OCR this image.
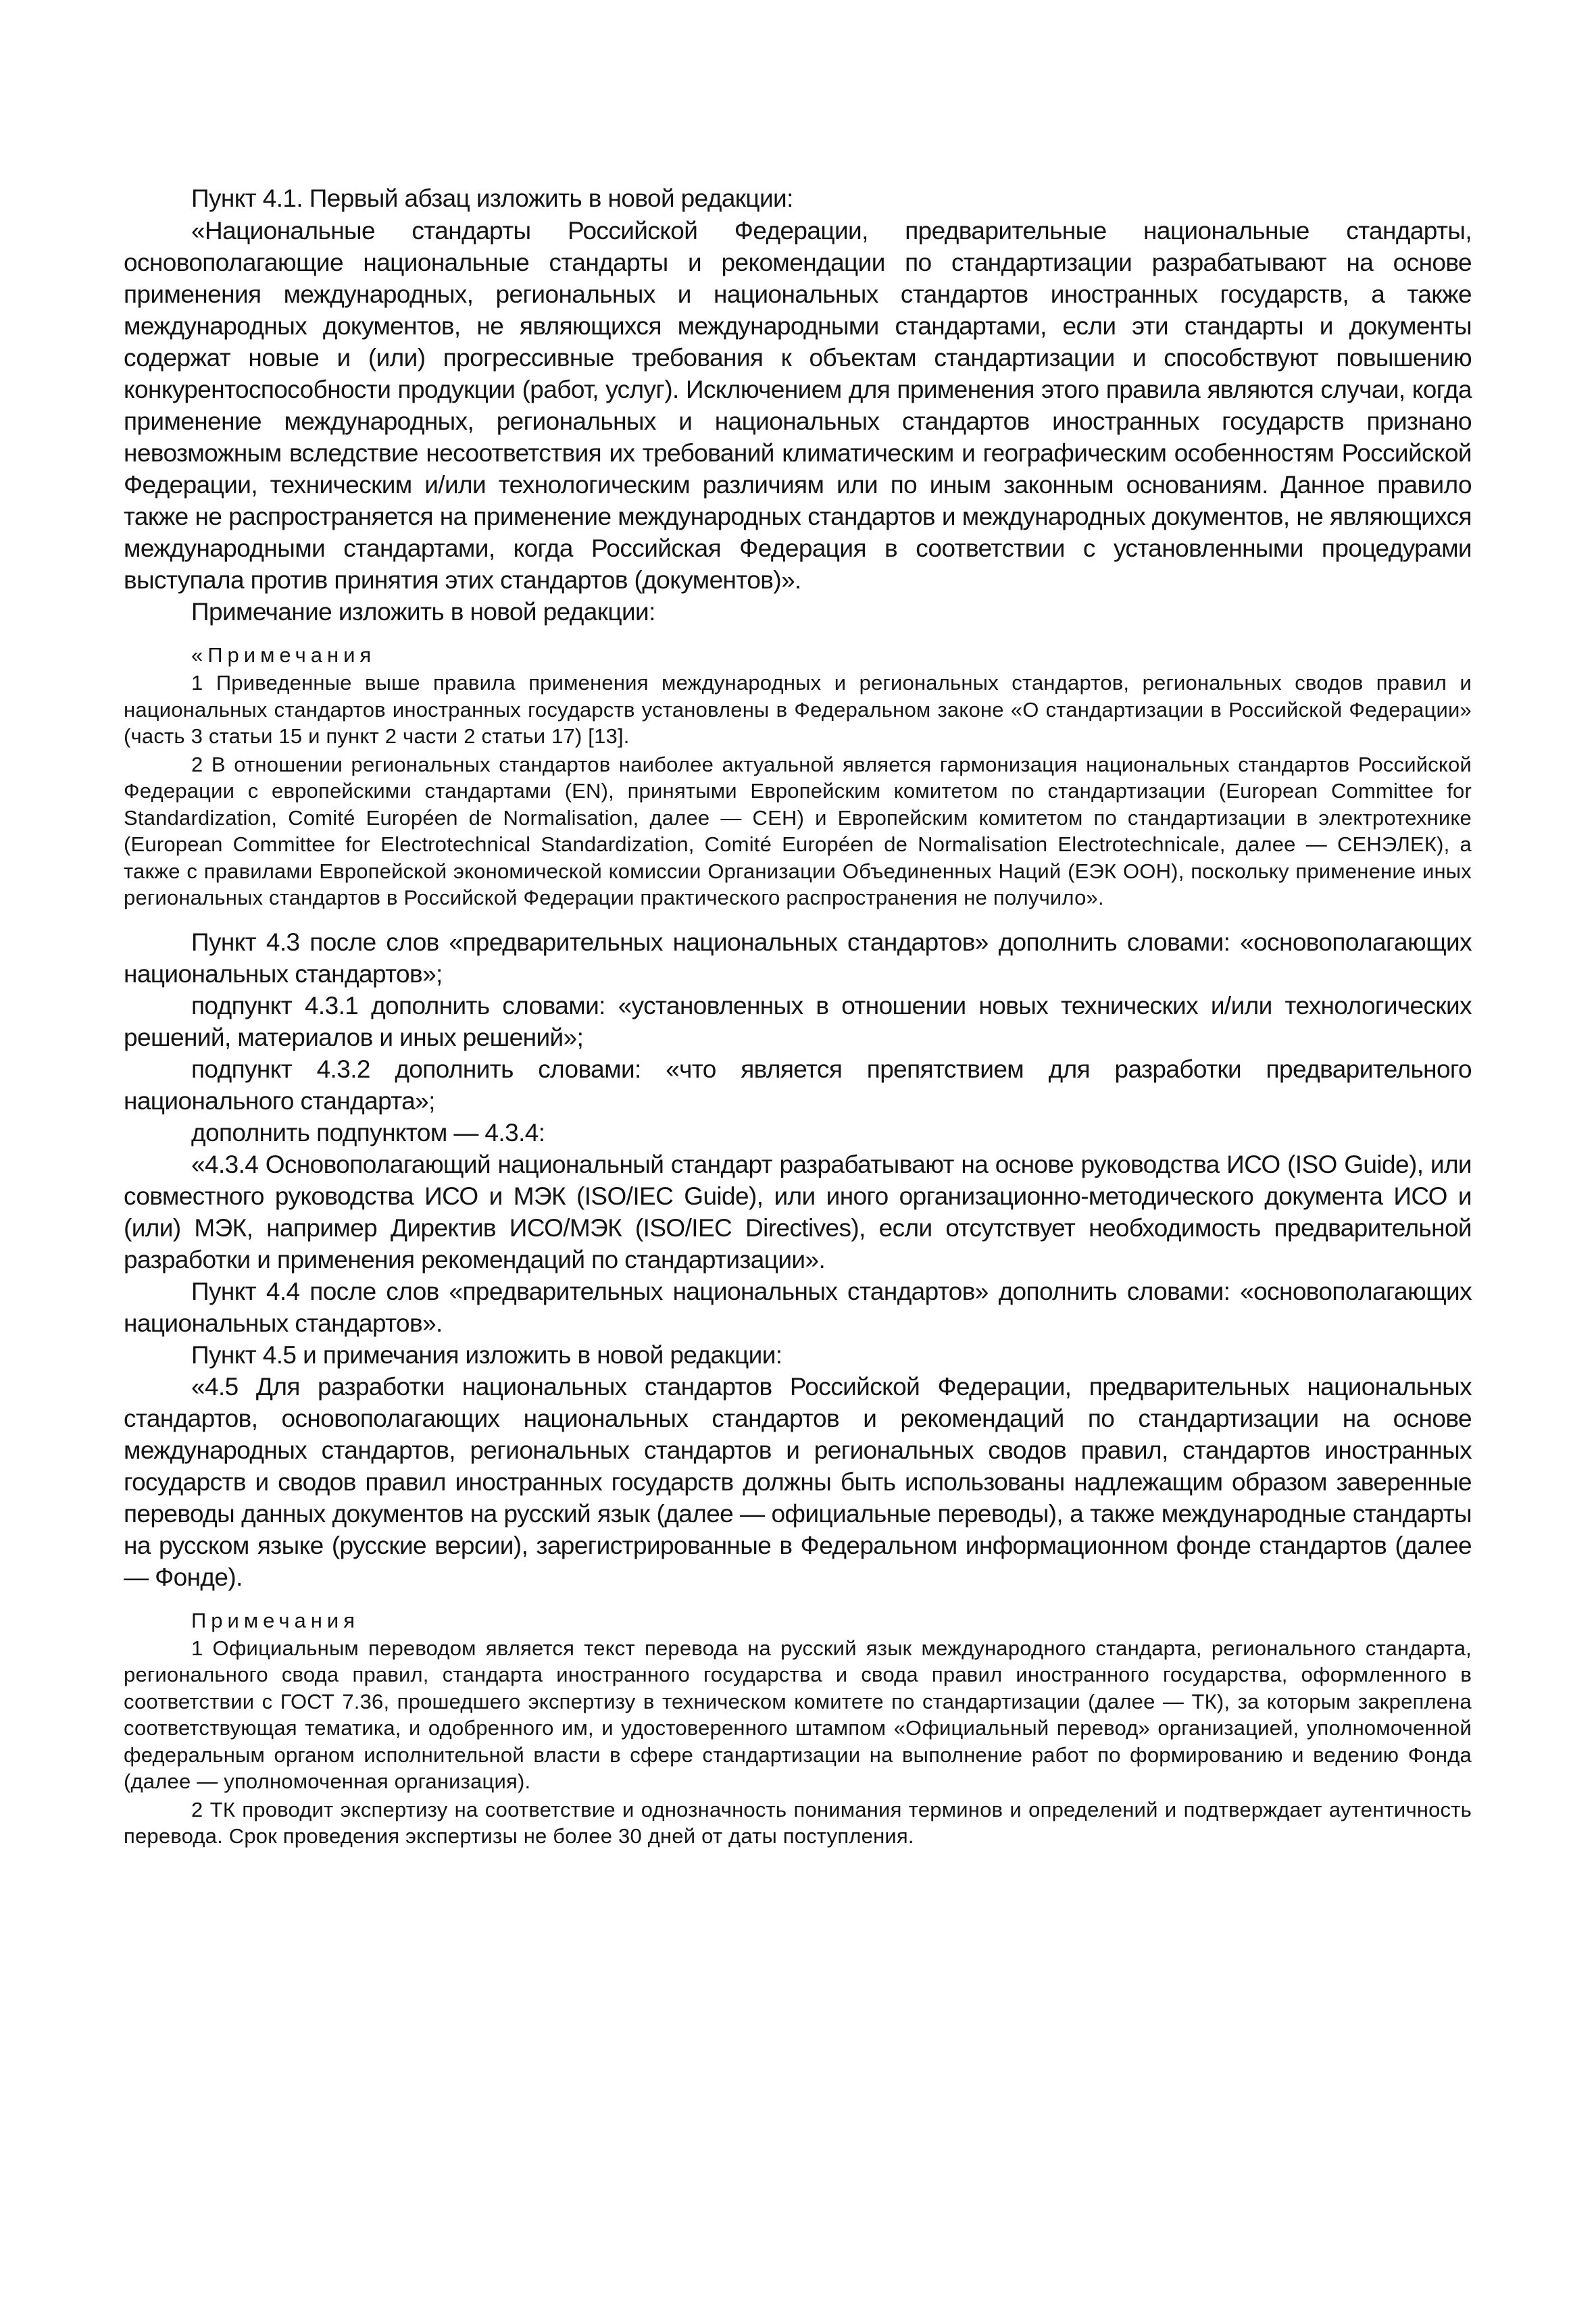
Пункт 4.1. Первый абзац изложить в новой редакции:

«Национальные стандарты Российской Федерации, предварительные национальные стандарты, основополагающие национальные стандарты и рекомендации по стандартизации разрабатывают на основе применения международных, региональных и национальных стандартов иностранных государств, а также международных документов, не являющихся международными стандартами, если эти стандарты и документы содержат новые и (или) прогрессивные требования к объектам стандартизации и способствуют повышению конкурентоспособности продукции (работ, услуг). Исключением для применения этого правила являются случаи, когда применение международных, региональных и национальных стандартов иностранных государств признано невозможным вследствие несоответствия их требований климатическим и географическим особенностям Российской Федерации, техническим и/или технологическим различиям или по иным законным основаниям. Данное правило также не распространяется на применение международных стандартов и международных документов, не являющихся международными стандартами, когда Российская Федерация в соответствии с установленными процедурами выступала против принятия этих стандартов (документов)».

Примечание изложить в новой редакции:

«Примечания

1 Приведенные выше правила применения международных и региональных стандартов, региональных сводов правил и национальных стандартов иностранных государств установлены в Федеральном законе «О стандартизации в Российской Федерации» (часть 3 статьи 15 и пункт 2 части 2 статьи 17) [13].

2 В отношении региональных стандартов наиболее актуальной является гармонизация национальных стандартов Российской Федерации с европейскими стандартами (EN), принятыми Европейским комитетом по стандартизации (European Committee for Standardization, Comité Européen de Normalisation, далее — CEH) и Европейским комитетом по стандартизации в электротехнике (European Committee for Electrotechnical Standardization, Comité Européen de Normalisation Electrotechnicale, далее — СЕНЭЛЕК), а также с правилами Европейской экономической комиссии Организации Объединенных Наций (ЕЭК ООН), поскольку применение иных региональных стандартов в Российской Федерации практического распространения не получило».

Пункт 4.3 после слов «предварительных национальных стандартов» дополнить словами: «основополагающих национальных стандартов»;

подпункт 4.3.1 дополнить словами: «установленных в отношении новых технических и/или технологических решений, материалов и иных решений»;

подпункт 4.3.2 дополнить словами: «что является препятствием для разработки предварительного национального стандарта»;

дополнить подпунктом — 4.3.4:

«4.3.4 Основополагающий национальный стандарт разрабатывают на основе руководства ИСО (ISO Guide), или совместного руководства ИСО и МЭК (ISO/IEC Guide), или иного организационно-методического документа ИСО и (или) МЭК, например Директив ИСО/МЭК (ISO/IEC Directives), если отсутствует необходимость предварительной разработки и применения рекомендаций по стандартизации».

Пункт 4.4 после слов «предварительных национальных стандартов» дополнить словами: «основополагающих национальных стандартов».

Пункт 4.5 и примечания изложить в новой редакции:

«4.5 Для разработки национальных стандартов Российской Федерации, предварительных национальных стандартов, основополагающих национальных стандартов и рекомендаций по стандартизации на основе международных стандартов, региональных стандартов и региональных сводов правил, стандартов иностранных государств и сводов правил иностранных государств должны быть использованы надлежащим образом заверенные переводы данных документов на русский язык (далее — официальные переводы), а также международные стандарты на русском языке (русские версии), зарегистрированные в Федеральном информационном фонде стандартов (далее — Фонде).

Примечания

1 Официальным переводом является текст перевода на русский язык международного стандарта, регионального стандарта, регионального свода правил, стандарта иностранного государства и свода правил иностранного государства, оформленного в соответствии с ГОСТ 7.36, прошедшего экспертизу в техническом комитете по стандартизации (далее — ТК), за которым закреплена соответствующая тематика, и одобренного им, и удостоверенного штампом «Официальный перевод» организацией, уполномоченной федеральным органом исполнительной власти в сфере стандартизации на выполнение работ по формированию и ведению Фонда (далее — уполномоченная организация).

2 ТК проводит экспертизу на соответствие и однозначность понимания терминов и определений и подтверждает аутентичность перевода. Срок проведения экспертизы не более 30 дней от даты поступления.
